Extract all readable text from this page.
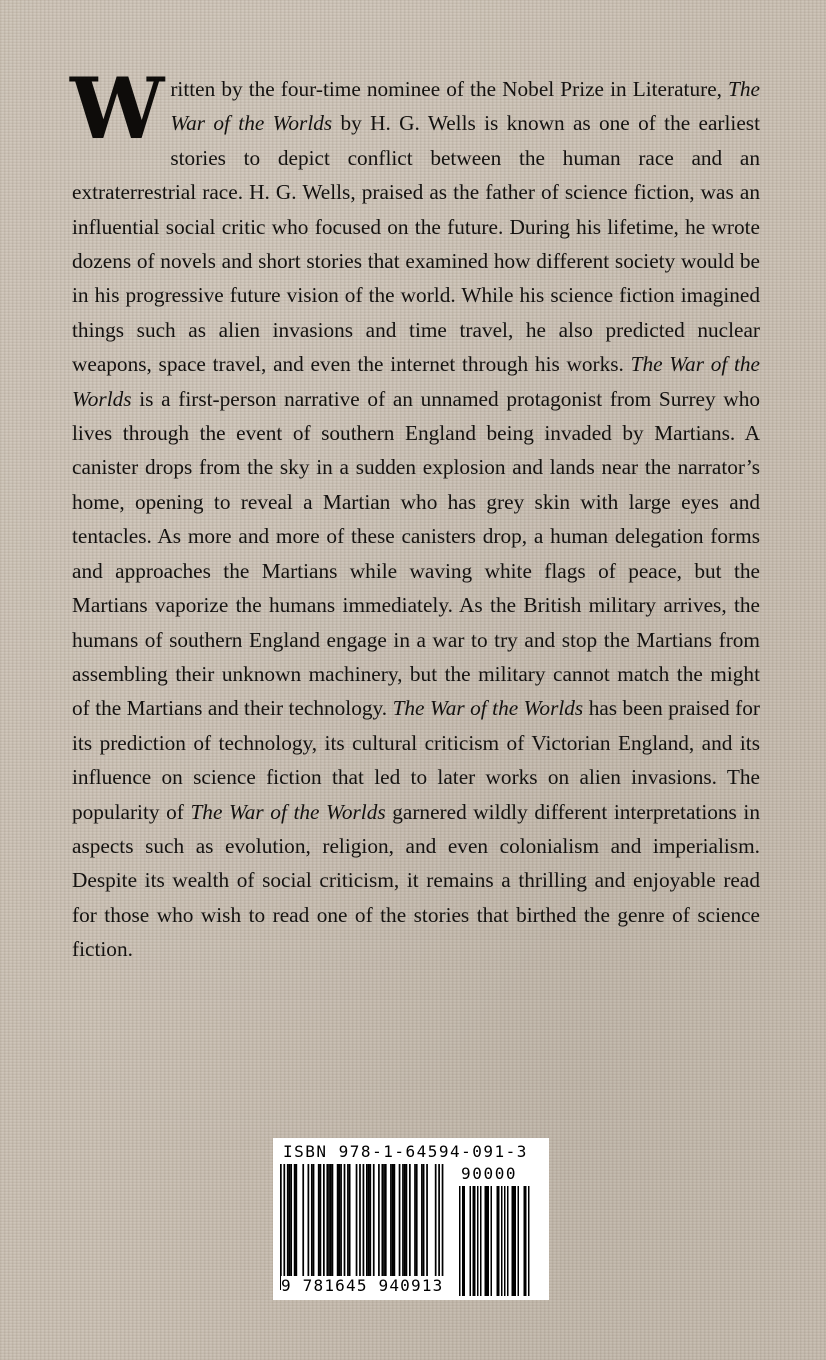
Written by the four-time nominee of the Nobel Prize in Literature, The War of the Worlds by H. G. Wells is known as one of the earliest stories to depict conflict between the human race and an extraterrestrial race. H. G. Wells, praised as the father of science fiction, was an influential social critic who focused on the future. During his lifetime, he wrote dozens of novels and short stories that examined how different society would be in his progressive future vision of the world. While his science fiction imagined things such as alien invasions and time travel, he also predicted nuclear weapons, space travel, and even the internet through his works. The War of the Worlds is a first-person narrative of an unnamed protagonist from Surrey who lives through the event of southern England being invaded by Martians. A canister drops from the sky in a sudden explosion and lands near the narrator’s home, opening to reveal a Martian who has grey skin with large eyes and tentacles. As more and more of these canisters drop, a human delegation forms and approaches the Martians while waving white flags of peace, but the Martians vaporize the humans immediately. As the British military arrives, the humans of southern England engage in a war to try and stop the Martians from assembling their unknown machinery, but the military cannot match the might of the Martians and their technology. The War of the Worlds has been praised for its prediction of technology, its cultural criticism of Victorian England, and its influence on science fiction that led to later works on alien invasions. The popularity of The War of the Worlds garnered wildly different interpretations in aspects such as evolution, religion, and even colonialism and imperialism. Despite its wealth of social criticism, it remains a thrilling and enjoyable read for those who wish to read one of the stories that birthed the genre of science fiction.
ISBN 978-1-64594-091-3
90000
9 781645 940913
